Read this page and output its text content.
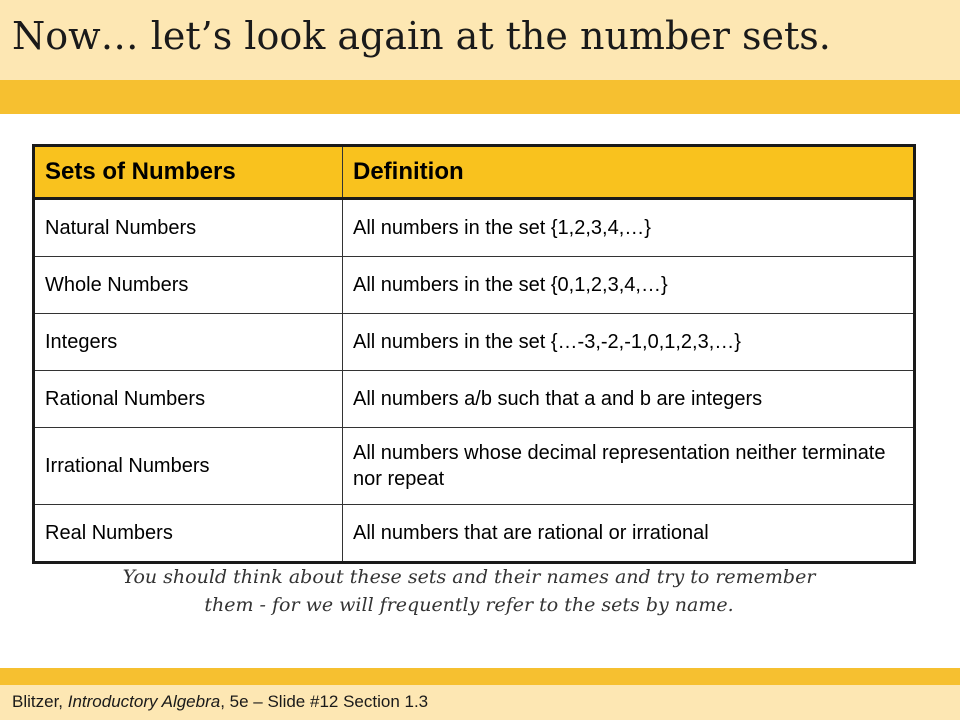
Now… let’s look again at the number sets.
Sets of Numbers	Definition
Natural Numbers	All numbers in the set {1,2,3,4,…}
Whole Numbers	All numbers in the set {0,1,2,3,4,…}
Integers	All numbers in the set {…-3,-2,-1,0,1,2,3,…}
Rational Numbers	All numbers a/b such that a and b are integers
Irrational Numbers	All numbers whose decimal representation neither terminate nor repeat
Real Numbers	All numbers that are rational or irrational

You should think about these sets and their names and try to remember
them - for we will frequently refer to the sets by name.

Blitzer, Introductory Algebra, 5e – Slide #12 Section 1.3
